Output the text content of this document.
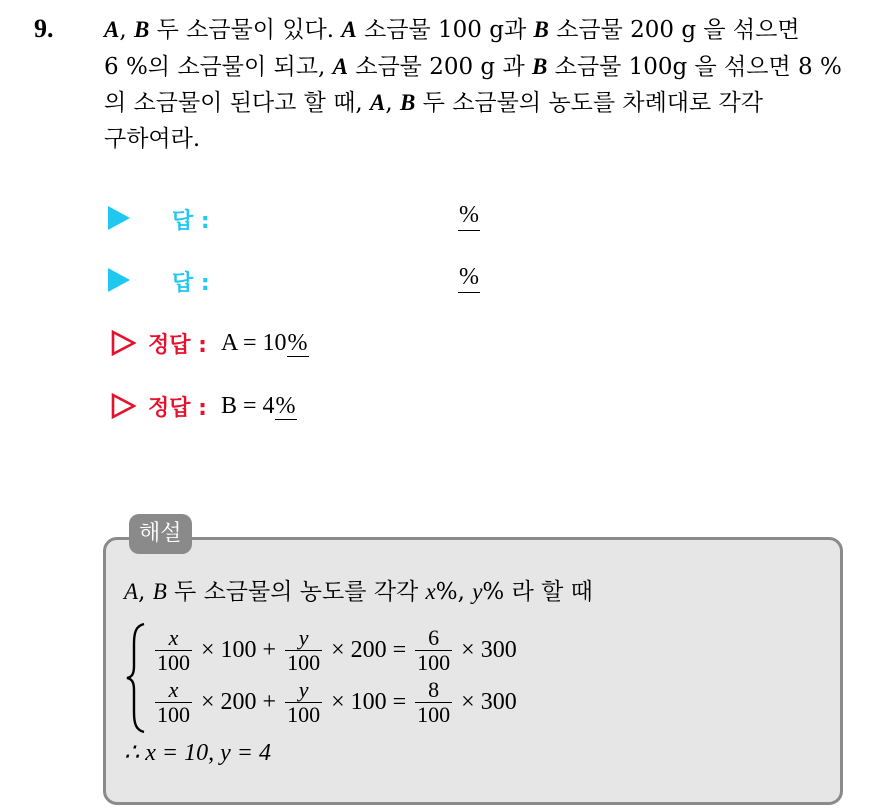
9. A, B 두 소금물이 있다. A 소금물 100 g과 B 소금물 200 g 을 섞으면
6 %의 소금물이 되고, A 소금물 200 g 과 B 소금물 100g 을 섞으면 8 %
의 소금물이 된다고 할 때, A, B 두 소금물의 농도를 차례대로 각각
구하여라.
답 :	%
답 :	%
정답 : A = 10%
정답 : B = 4%
해설
A, B 두 소금물의 농도를 각각 x%, y% 라 할 때
$\frac{x}{100} \times 100 + \frac{y}{100} \times 200 = \frac{6}{100} \times 300$
$\frac{x}{100} \times 200 + \frac{y}{100} \times 100 = \frac{8}{100} \times 300$
∴ x = 10, y = 4
